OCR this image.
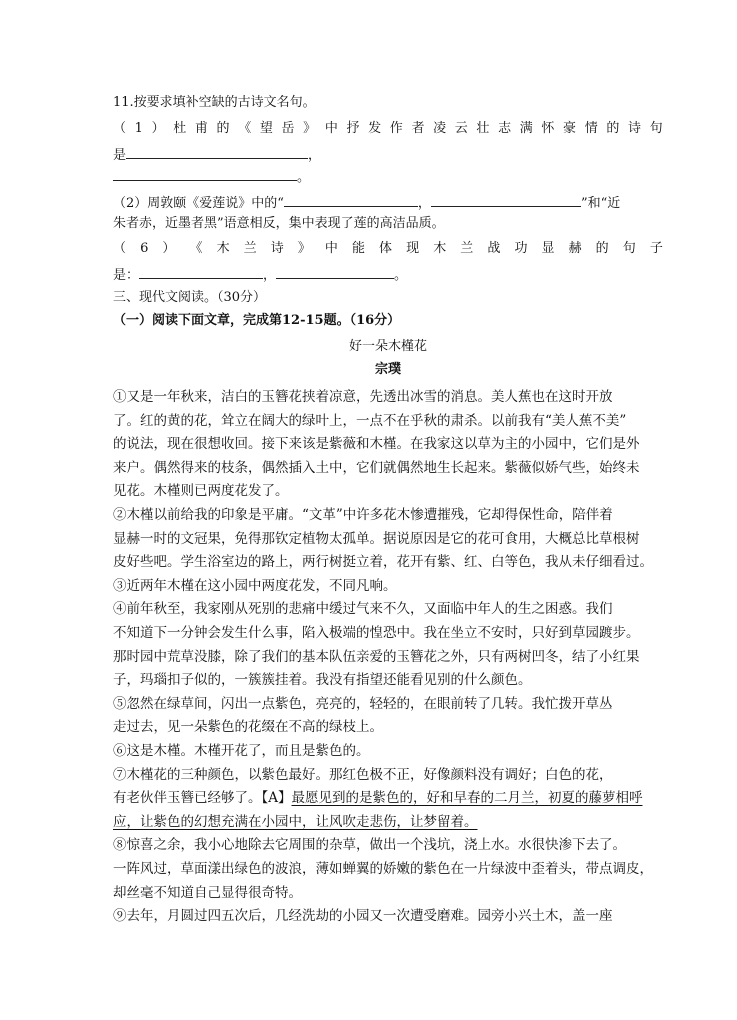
11.按要求填补空缺的古诗文名句。
（ 1 ） 杜 甫 的 《 望 岳 》 中 抒 发 作 者 凌 云 壮 志 满 怀 豪 情 的 诗 句
是	，
。
（2）周敦颐《爱莲说》中的“	，	”和“近
朱者赤，近墨者黑”语意相反，集中表现了莲的高洁品质。
（ 6 ） 《 木 兰 诗 》 中 能 体 现 木 兰 战 功 显 赫 的 句 子
是：	，	。
三、现代文阅读。（30分）
（一）阅读下面文章，完成第12-15题。（16分）
好一朵木槿花
宗璞
①又是一年秋来，洁白的玉簪花挟着凉意，先透出冰雪的消息。美人蕉也在这时开放
了。红的黄的花，耸立在阔大的绿叶上，一点不在乎秋的肃杀。以前我有“美人蕉不美”
的说法，现在很想收回。接下来该是紫薇和木槿。在我家这以草为主的小园中，它们是外
来户。偶然得来的枝条，偶然插入土中，它们就偶然地生长起来。紫薇似娇气些，始终未
见花。木槿则已两度花发了。
②木槿以前给我的印象是平庸。“文革”中许多花木惨遭摧残，它却得保性命，陪伴着
显赫一时的文冠果，免得那钦定植物太孤单。据说原因是它的花可食用，大概总比草根树
皮好些吧。学生浴室边的路上，两行树挺立着，花开有紫、红、白等色，我从未仔细看过。
③近两年木槿在这小园中两度花发，不同凡响。
④前年秋至，我家刚从死别的悲痛中缓过气来不久，又面临中年人的生之困惑。我们
不知道下一分钟会发生什么事，陷入极端的惶恐中。我在坐立不安时，只好到草园踱步。
那时园中荒草没膝，除了我们的基本队伍亲爱的玉簪花之外，只有两树凹冬，结了小红果
子，玛瑙扣子似的，一簇簇挂着。我没有指望还能看见别的什么颜色。
⑤忽然在绿草间，闪出一点紫色，亮亮的，轻轻的，在眼前转了几转。我忙拨开草丛
走过去，见一朵紫色的花缀在不高的绿枝上。
⑥这是木槿。木槿开花了，而且是紫色的。
⑦木槿花的三种颜色，以紫色最好。那红色极不正，好像颜料没有调好；白色的花，
有老伙伴玉簪已经够了。【A】最愿见到的是紫色的，好和早春的二月兰，初夏的藤萝相呼
应，让紫色的幻想充满在小园中，让风吹走悲伤，让梦留着。
⑧惊喜之余，我小心地除去它周围的杂草，做出一个浅坑，浇上水。水很快渗下去了。
一阵风过，草面漾出绿色的波浪，薄如蝉翼的娇嫩的紫色在一片绿波中歪着头，带点调皮，
却丝毫不知道自己显得很奇特。
⑨去年，月圆过四五次后，几经洗劫的小园又一次遭受磨难。园旁小兴土木，盖一座
